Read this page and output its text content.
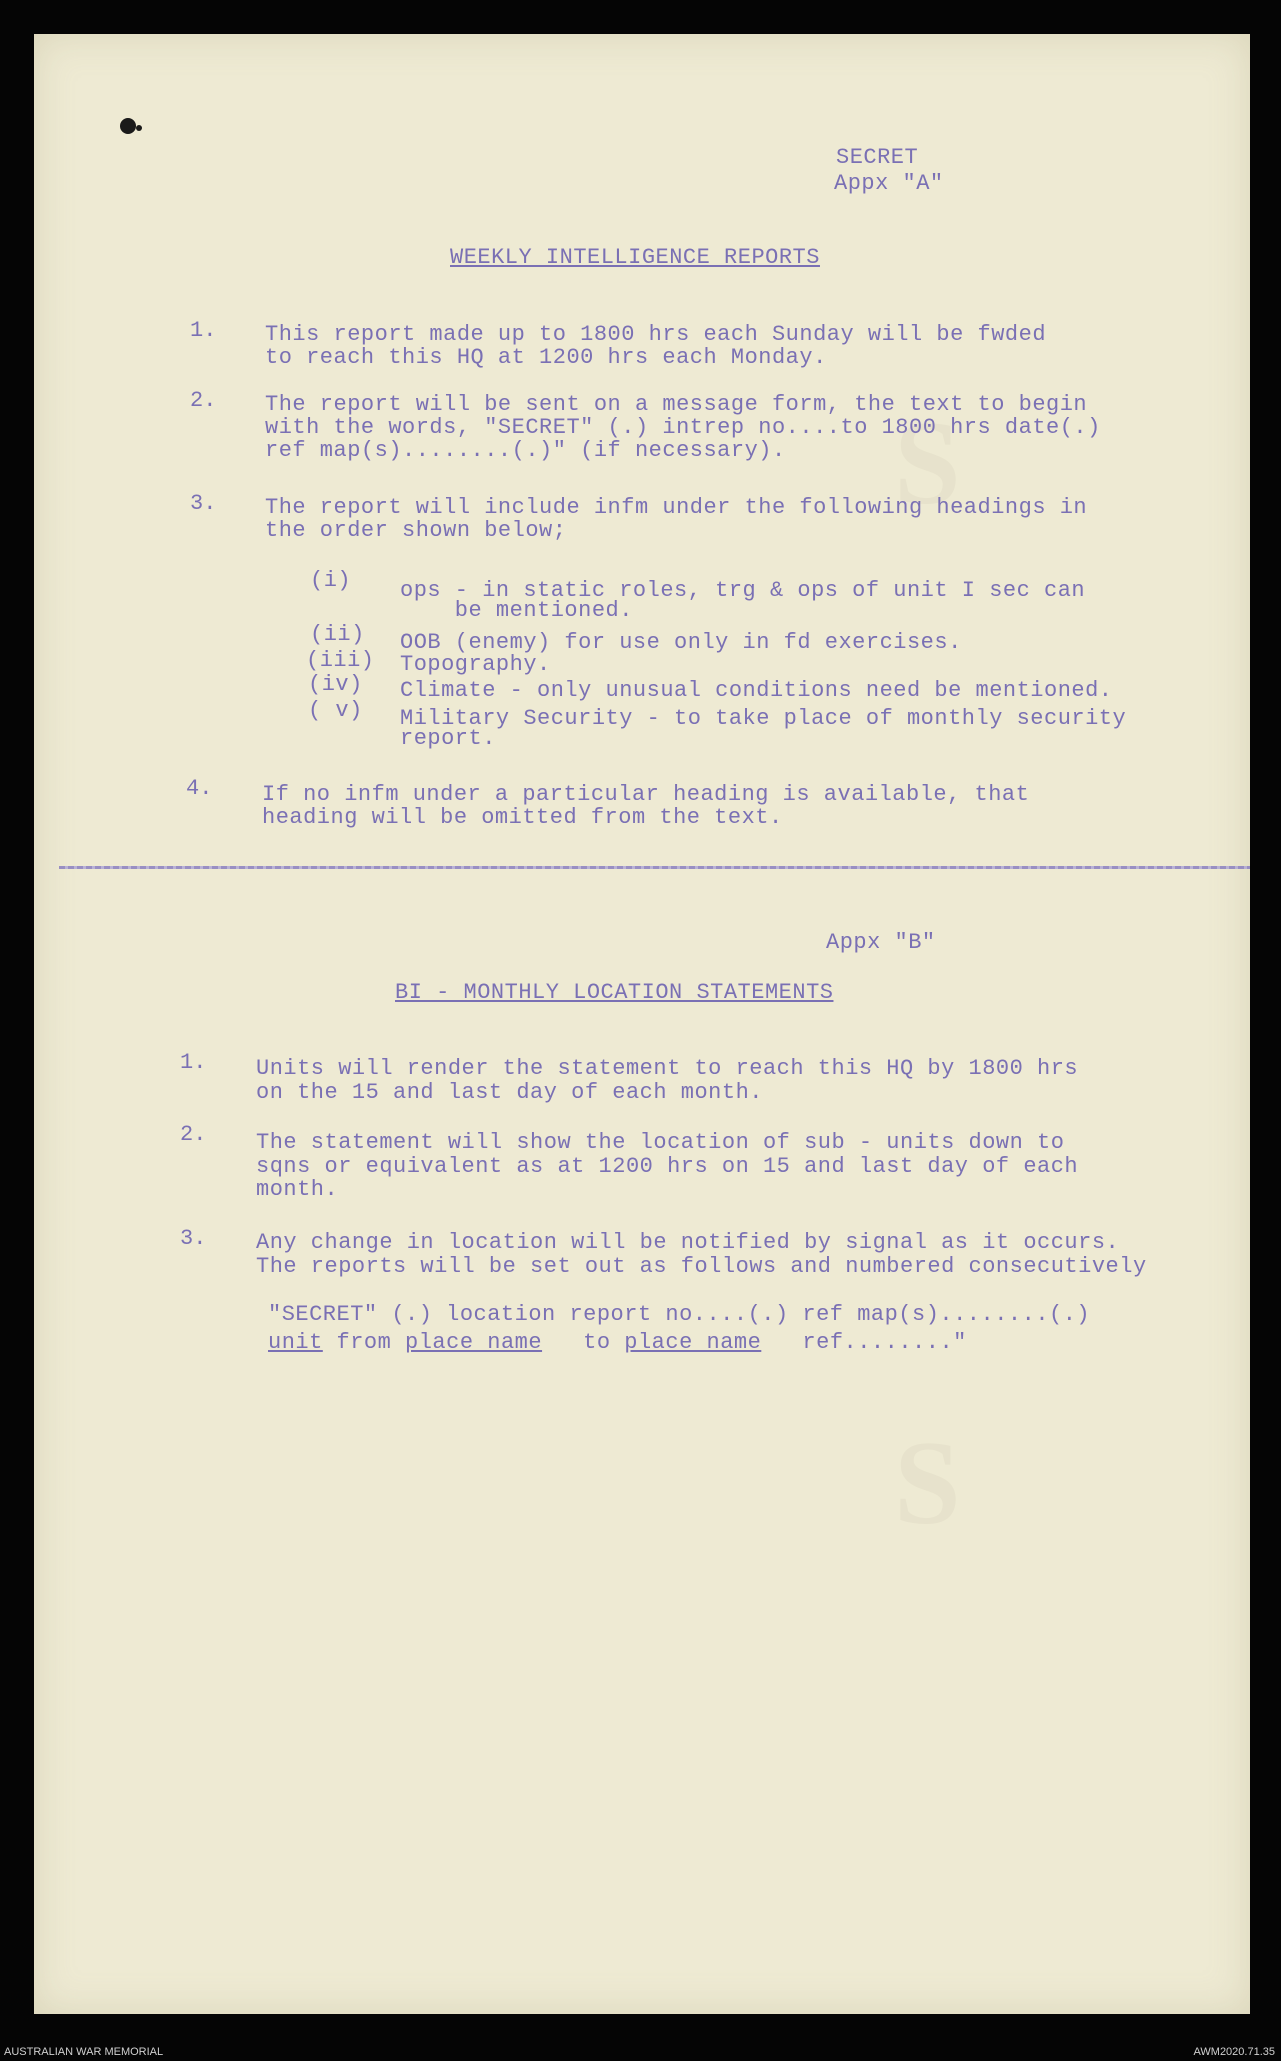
S
S
SECRET
Appx "A"
WEEKLY INTELLIGENCE REPORTS
1. This report made up to 1800 hrs each Sunday will be fwded
to reach this HQ at 1200 hrs each Monday.
2. The report will be sent on a message form, the text to begin
with the words, "SECRET" (.) intrep no....to 1800 hrs date(.)
ref map(s)........(.)" (if necessary).
3. The report will include infm under the following headings in
the order shown below;
(i) ops - in static roles, trg & ops of unit I sec can
be mentioned.
(ii) OOB (enemy) for use only in fd exercises.
(iii) Topography.
(iv) Climate - only unusual conditions need be mentioned.
( v) Military Security - to take place of monthly security
report.
4. If no infm under a particular heading is available, that
heading will be omitted from the text.
Appx "B"
BI - MONTHLY LOCATION STATEMENTS
1. Units will render the statement to reach this HQ by 1800 hrs
on the 15 and last day of each month.
2. The statement will show the location of sub - units down to
sqns or equivalent as at 1200 hrs on 15 and last day of each
month.
3. Any change in location will be notified by signal as it occurs.
The reports will be set out as follows and numbered consecutively
"SECRET" (.) location report no....(.) ref map(s)........(.)
unit from place name to place name ref........"
AUSTRALIAN WAR MEMORIAL	AWM2020.71.35
